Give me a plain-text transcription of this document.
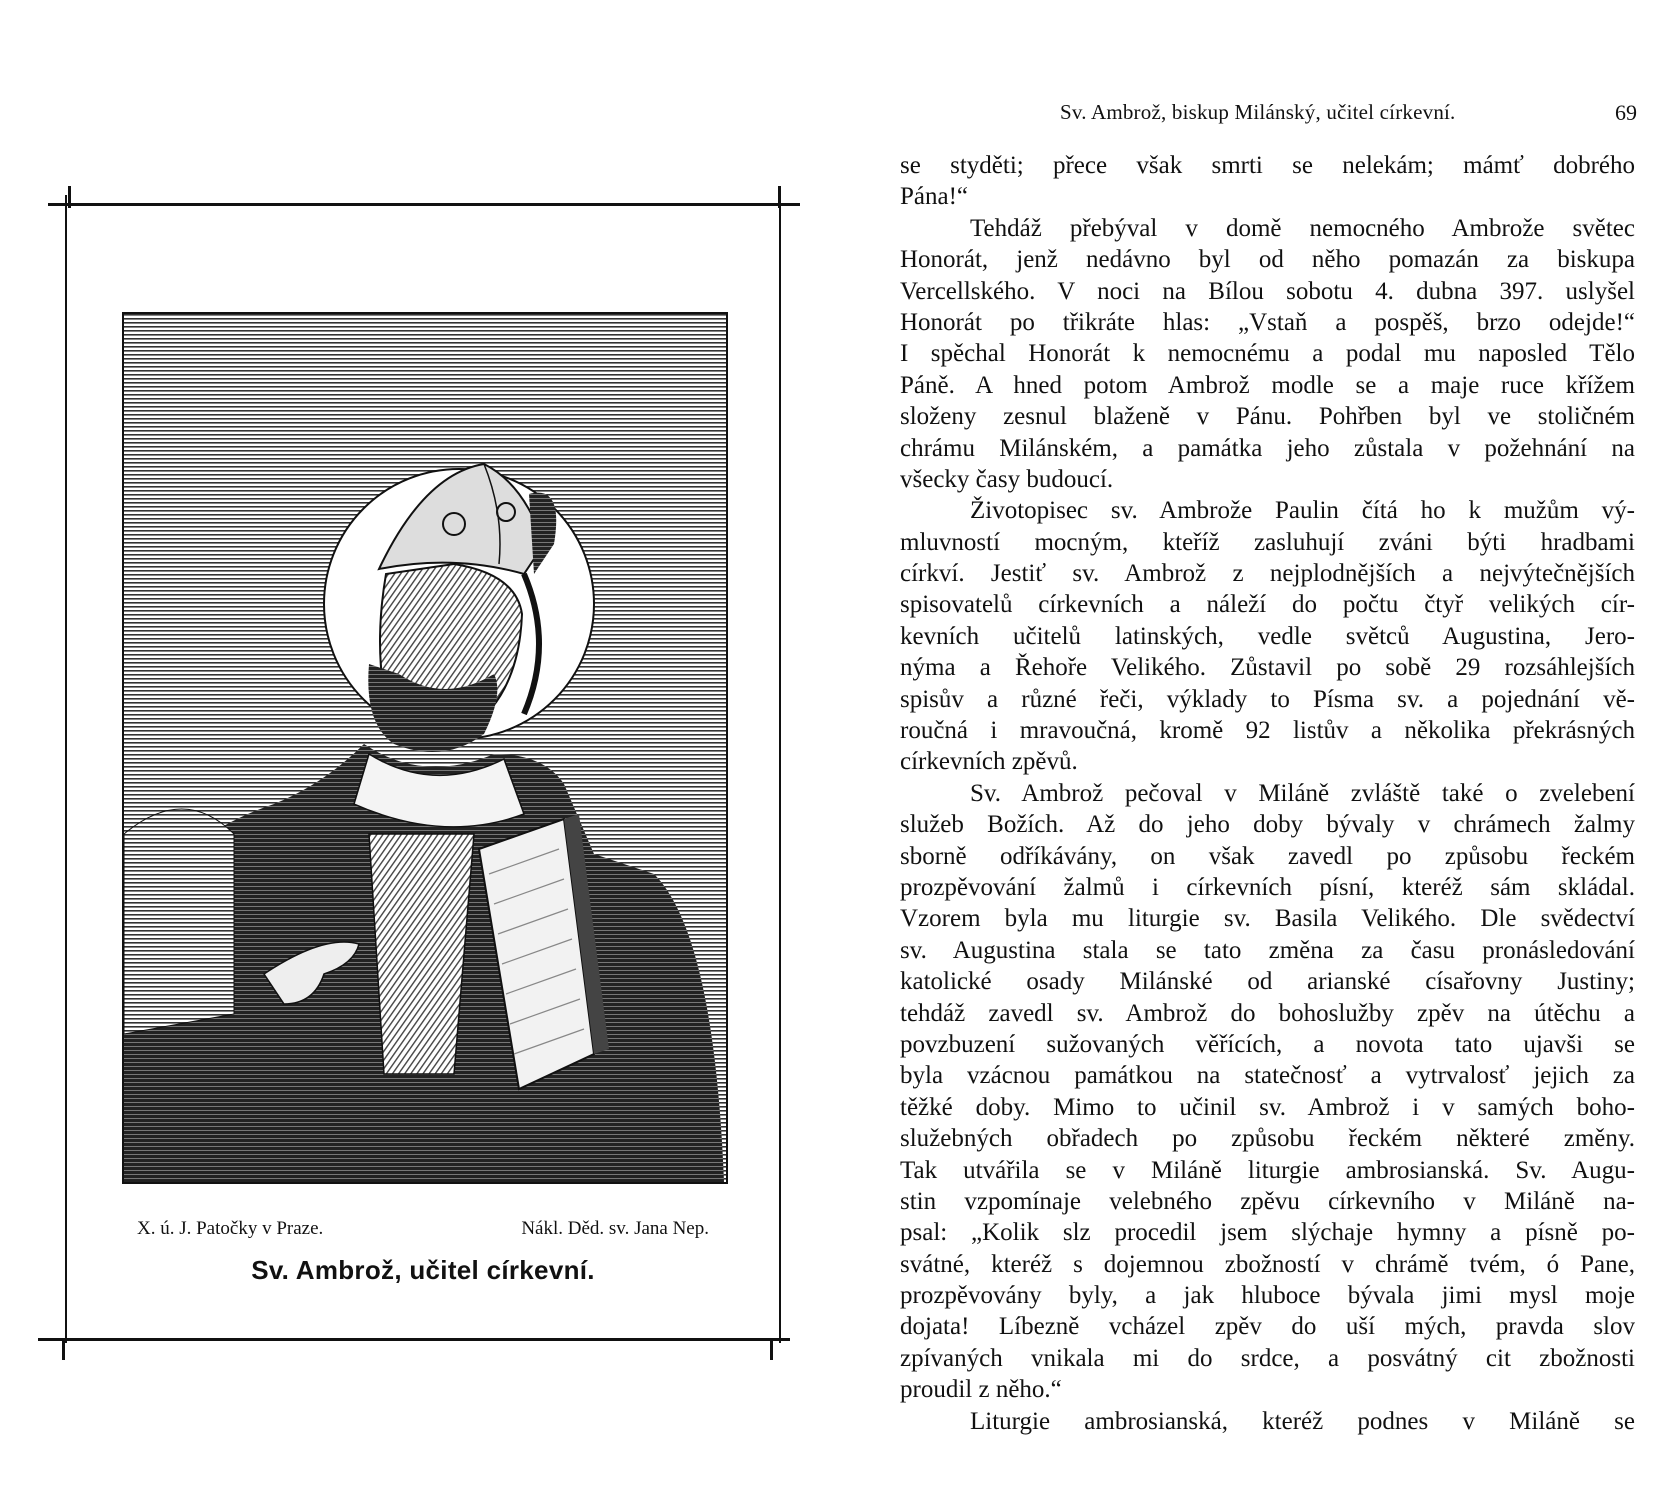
X. ú. J. Patočky v Praze.	Nákl. Děd. sv. Jana Nep.
Sv. Ambrož, učitel církevní.
Sv. Ambrož, biskup Milánský, učitel církevní.	69
se styděti; přece však smrti se nelekám; mámť dobrého
Pána!“
Tehdáž přebýval v domě nemocného Ambrože světec
Honorát, jenž nedávno byl od něho pomazán za biskupa
Vercellského. V noci na Bílou sobotu 4. dubna 397. uslyšel
Honorát po třikráte hlas: „Vstaň a pospěš, brzo odejde!“
I spěchal Honorát k nemocnému a podal mu naposled Tělo
Páně. A hned potom Ambrož modle se a maje ruce křížem
složeny zesnul blaženě v Pánu. Pohřben byl ve stoličném
chrámu Milánském, a památka jeho zůstala v požehnání na
všecky časy budoucí.
Životopisec sv. Ambrože Paulin čítá ho k mužům vý-
mluvností mocným, kteříž zasluhují zváni býti hradbami
církví. Jestiť sv. Ambrož z nejplodnějších a nejvýtečnějších
spisovatelů církevních a náleží do počtu čtyř velikých cír-
kevních učitelů latinských, vedle světců Augustina, Jero-
nýma a Řehoře Velikého. Zůstavil po sobě 29 rozsáhlejších
spisův a různé řeči, výklady to Písma sv. a pojednání vě-
roučná i mravoučná, kromě 92 listův a několika překrásných
církevních zpěvů.
Sv. Ambrož pečoval v Miláně zvláště také o zvelebení
služeb Božích. Až do jeho doby bývaly v chrámech žalmy
sborně odříkávány, on však zavedl po způsobu řeckém
prozpěvování žalmů i církevních písní, kteréž sám skládal.
Vzorem byla mu liturgie sv. Basila Velikého. Dle svědectví
sv. Augustina stala se tato změna za času pronásledování
katolické osady Milánské od arianské císařovny Justiny;
tehdáž zavedl sv. Ambrož do bohoslužby zpěv na útěchu a
povzbuzení sužovaných věřících, a novota tato ujavši se
byla vzácnou památkou na statečnosť a vytrvalosť jejich za
těžké doby. Mimo to učinil sv. Ambrož i v samých boho-
služebných obřadech po způsobu řeckém některé změny.
Tak utvářila se v Miláně liturgie ambrosianská. Sv. Augu-
stin vzpomínaje velebného zpěvu církevního v Miláně na-
psal: „Kolik slz procedil jsem slýchaje hymny a písně po-
svátné, kteréž s dojemnou zbožností v chrámě tvém, ó Pane,
prozpěvovány byly, a jak hluboce bývala jimi mysl moje
dojata! Líbezně vcházel zpěv do uší mých, pravda slov
zpívaných vnikala mi do srdce, a posvátný cit zbožnosti
proudil z něho.“
Liturgie ambrosianská, kteréž podnes v Miláně se
